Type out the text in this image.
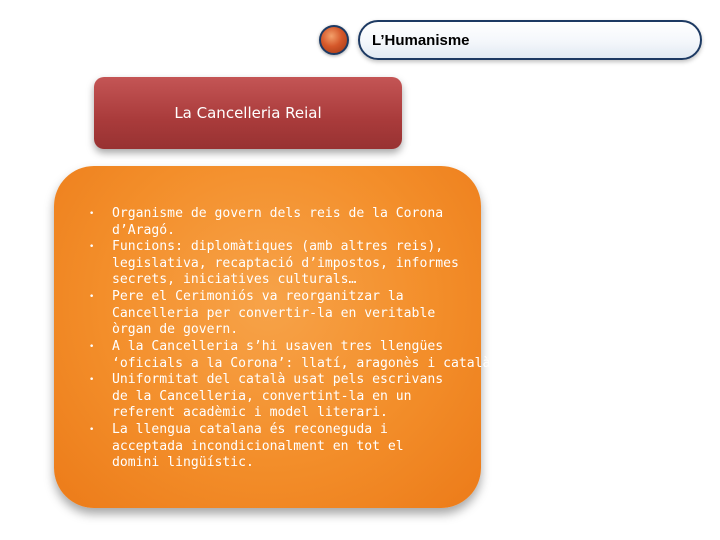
L’Humanisme
La Cancelleria Reial
•	Organisme de govern dels reis de la Corona
d’Aragó.
•	Funcions: diplomàtiques (amb altres reis),
legislativa, recaptació d’impostos, informes
secrets, iniciatives culturals…
•	Pere el Cerimoniós va reorganitzar la
Cancelleria per convertir-la en veritable
òrgan de govern.
•	A la Cancelleria s’hi usaven tres llengües
‘oficials a la Corona’: llatí, aragonès i català.
•	Uniformitat del català usat pels escrivans
de la Cancelleria, convertint-la en un
referent acadèmic i model literari.
•	La llengua catalana és reconeguda i
acceptada incondicionalment en tot el
domini lingüístic.
